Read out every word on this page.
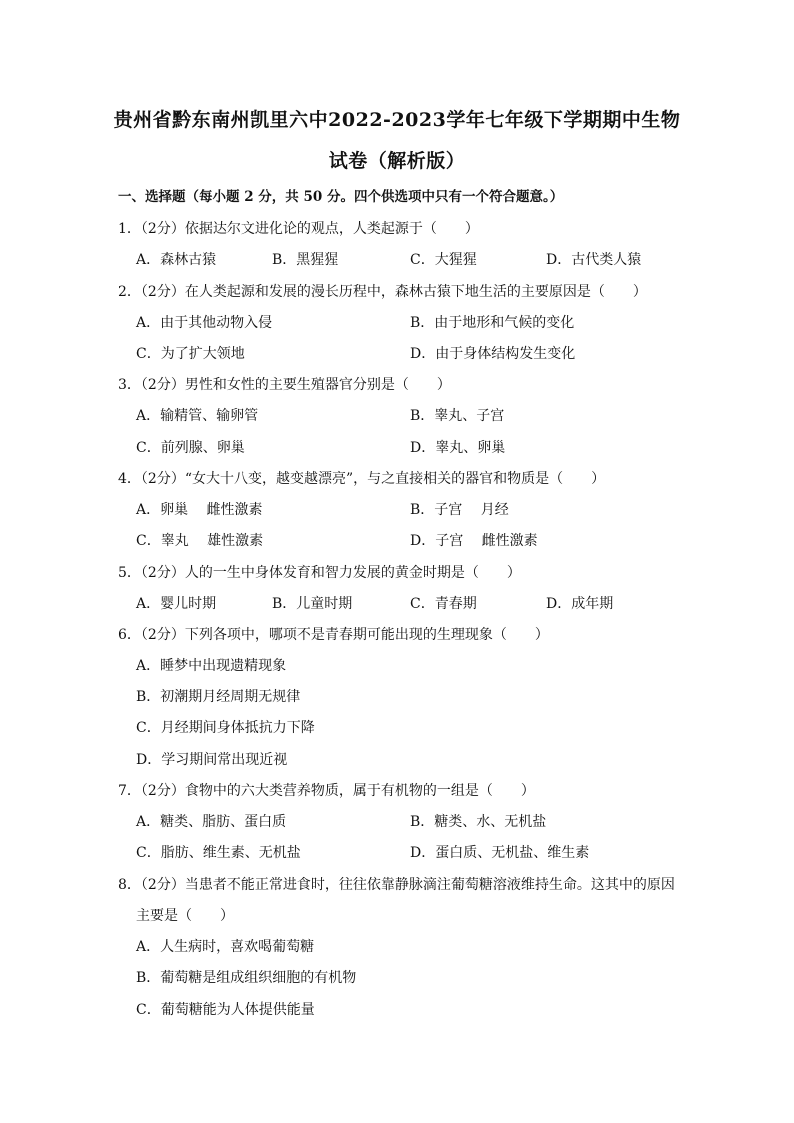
贵州省黔东南州凯里六中2022-2023学年七年级下学期期中生物
试卷（解析版）
一、选择题（每小题 2 分，共 50 分。四个供选项中只有一个符合题意。）
1．（2分）依据达尔文进化论的观点，人类起源于（　　）
A．森林古猿	B．黑猩猩	C．大猩猩	D．古代类人猿
2．（2分）在人类起源和发展的漫长历程中，森林古猿下地生活的主要原因是（　　）
A．由于其他动物入侵	B．由于地形和气候的变化
C．为了扩大领地	D．由于身体结构发生变化
3．（2分）男性和女性的主要生殖器官分别是（　　）
A．输精管、输卵管	B．睾丸、子宫
C．前列腺、卵巢	D．睾丸、卵巢
4．（2分）“女大十八变，越变越漂亮”，与之直接相关的器官和物质是（　　）
A．卵巢　 雌性激素	B．子宫　 月经
C．睾丸　 雄性激素	D．子宫　 雌性激素
5．（2分）人的一生中身体发育和智力发展的黄金时期是（　　）
A．婴儿时期	B．儿童时期	C．青春期	D．成年期
6．（2分）下列各项中，哪项不是青春期可能出现的生理现象（　　）
A．睡梦中出现遗精现象
B．初潮期月经周期无规律
C．月经期间身体抵抗力下降
D．学习期间常出现近视
7．（2分）食物中的六大类营养物质，属于有机物的一组是（　　）
A．糖类、脂肪、蛋白质	B．糖类、水、无机盐
C．脂肪、维生素、无机盐	D．蛋白质、无机盐、维生素
8．（2分）当患者不能正常进食时，往往依靠静脉滴注葡萄糖溶液维持生命。这其中的原因
主要是（　　）
A．人生病时，喜欢喝葡萄糖
B．葡萄糖是组成组织细胞的有机物
C．葡萄糖能为人体提供能量
